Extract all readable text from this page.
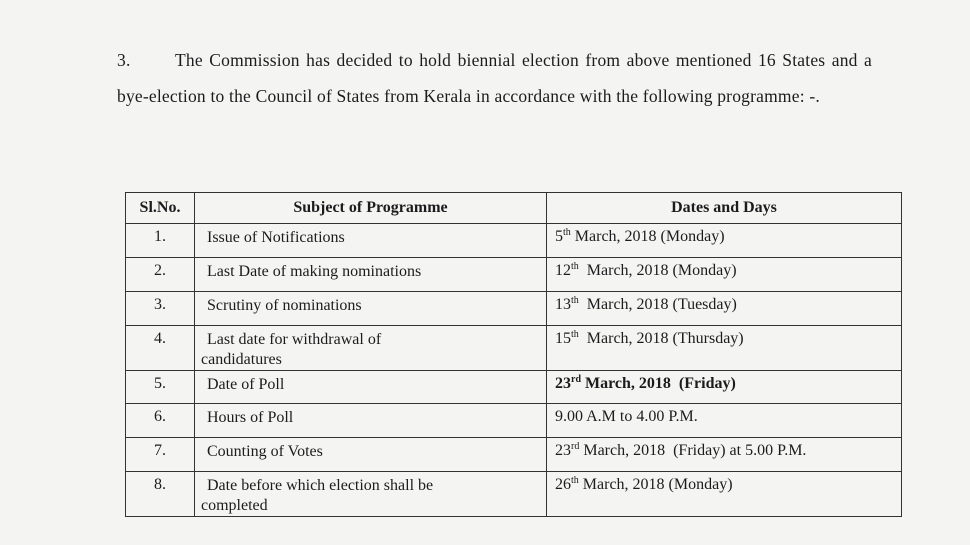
3.	The Commission has decided to hold biennial election from above mentioned 16 States and a bye-election to the Council of States from Kerala in accordance with the following programme: -.
Sl.No.	Subject of Programme	Dates and Days
1.	Issue of Notifications	5th March, 2018 (Monday)
2.	Last Date of making nominations	12th  March, 2018 (Monday)
3.	Scrutiny of nominations	13th  March, 2018 (Tuesday)
4.	Last date for withdrawal of
candidatures	15th  March, 2018 (Thursday)
5.	Date of Poll	23rd March, 2018  (Friday)
6.	Hours of Poll	9.00 A.M to 4.00 P.M.
7.	Counting of Votes	23rd March, 2018  (Friday) at 5.00 P.M.
8.	Date before which election shall be
completed	26th March, 2018 (Monday)
